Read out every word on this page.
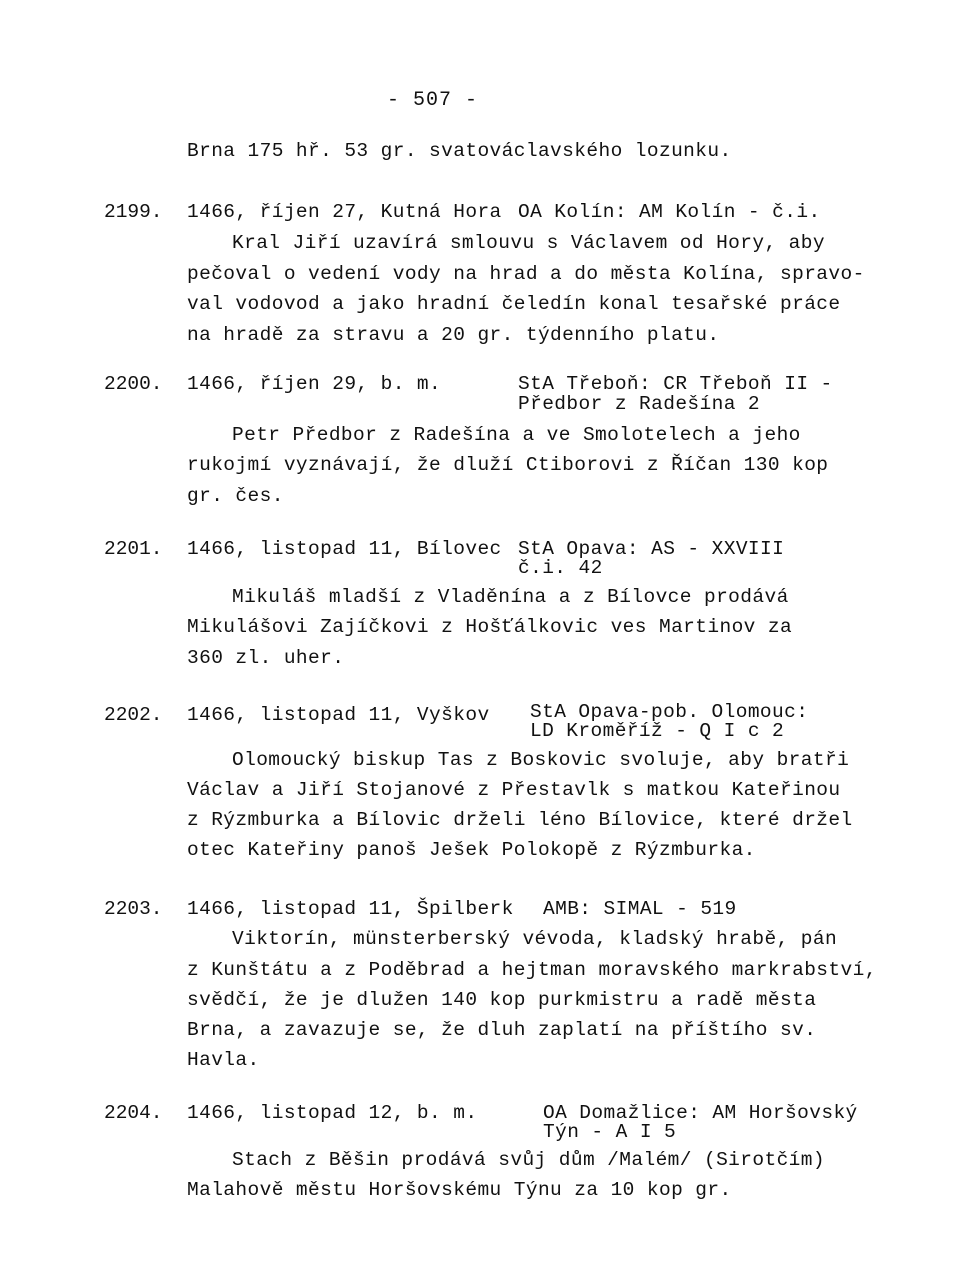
- 507 -
Brna 175 hř. 53 gr. svatováclavského lozunku.
2199. 1466, říjen 27, Kutná Hora OA Kolín: AM Kolín - č.i.
Kral Jiří uzavírá smlouvu s Václavem od Hory, aby
pečoval o vedení vody na hrad a do města Kolína, spravo-
val vodovod a jako hradní čeledín konal tesařské práce
na hradě za stravu a 20 gr. týdenního platu.
2200. 1466, říjen 29, b. m.	StA Třeboň: CR Třeboň II -
Předbor z Radešína 2
Petr Předbor z Radešína a ve Smolotelech a jeho
rukojmí vyznávají, že dluží Ctiborovi z Říčan 130 kop
gr. čes.
2201. 1466, listopad 11, Bílovec StA Opava: AS - XXVIII
č.i. 42
Mikuláš mladší z Vladěnína a z Bílovce prodává
Mikulášovi Zajíčkovi z Hošťálkovic ves Martinov za
360 zl. uher.
2202. 1466, listopad 11, Vyškov StA Opava-pob. Olomouc:
LD Kroměříž - Q I c 2
Olomoucký biskup Tas z Boskovic svoluje, aby bratři
Václav a Jiří Stojanové z Přestavlk s matkou Kateřinou
z Rýzmburka a Bílovic drželi léno Bílovice, které držel
otec Kateřiny panoš Ješek Polokopě z Rýzmburka.
2203. 1466, listopad 11, Špilberk AMB: SIMAL - 519
Viktorín, münsterberský vévoda, kladský hrabě, pán
z Kunštátu a z Poděbrad a hejtman moravského markrabství,
svědčí, že je dlužen 140 kop purkmistru a radě města
Brna, a zavazuje se, že dluh zaplatí na příštího sv.
Havla.
2204. 1466, listopad 12, b. m.	OA Domažlice: AM Horšovský
Týn - A I 5
Stach z Běšin prodává svůj dům /Malém/ (Sirotčím)
Malahově městu Horšovskému Týnu za 10 kop gr.
